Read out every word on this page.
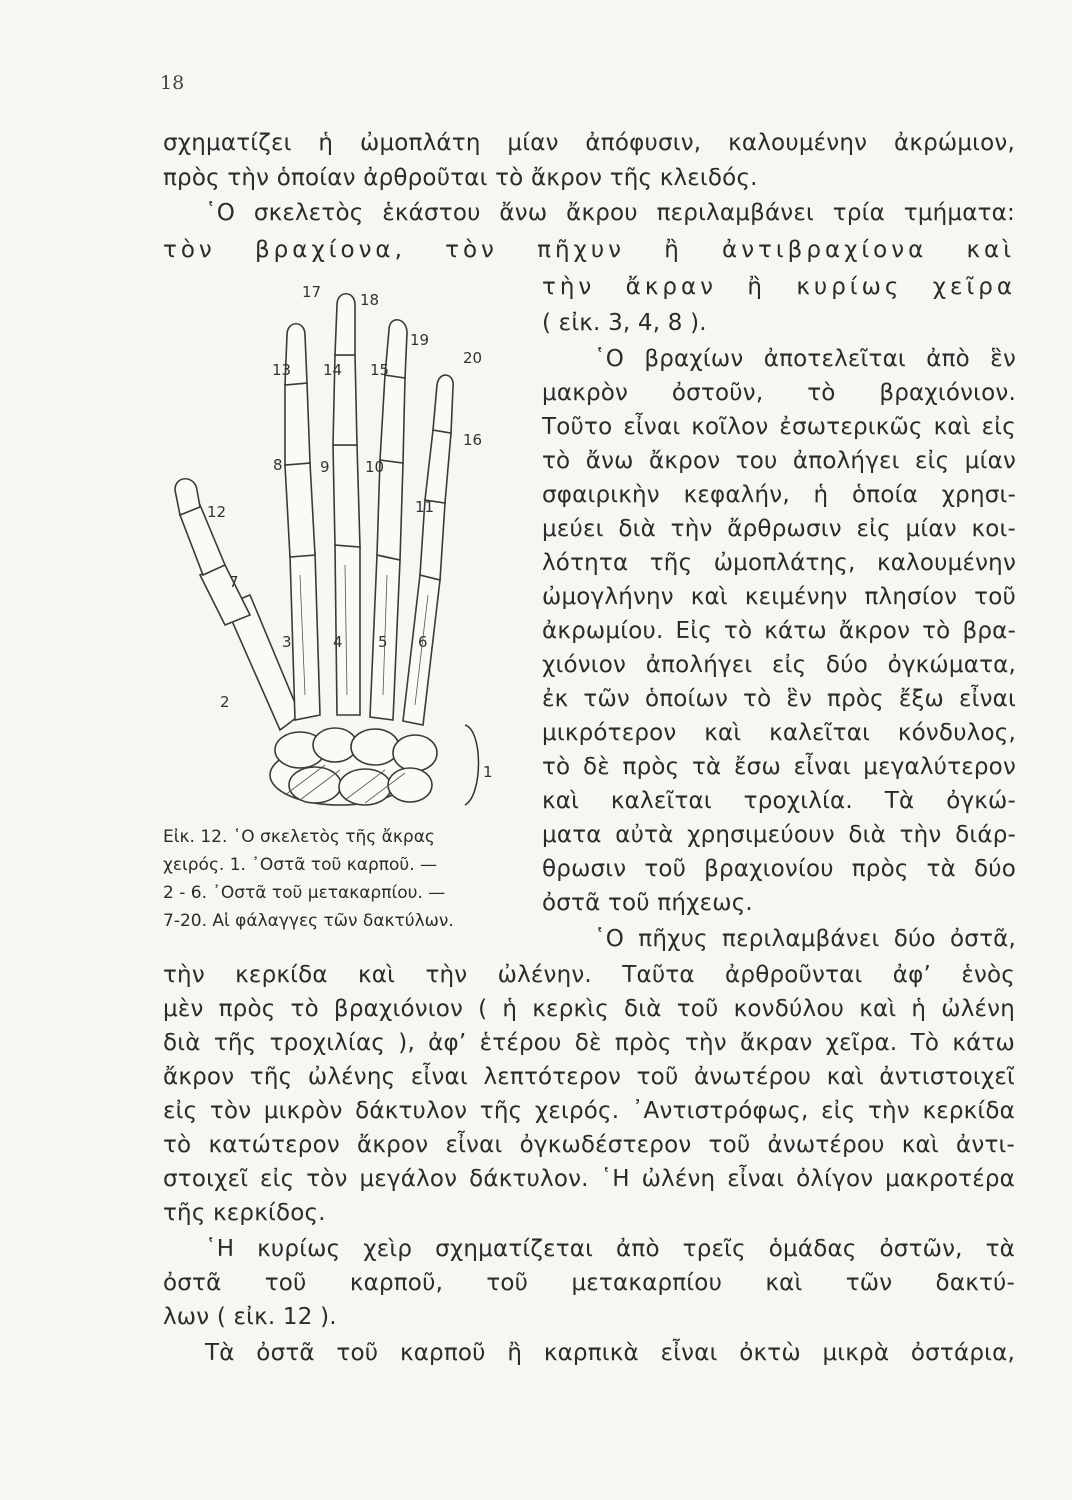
18
σχηματίζει ἡ ὠμοπλάτη μίαν ἀπόφυσιν, καλουμένην ἀκρώμιον,
πρὸς τὴν ὁποίαν ἀρθροῦται τὸ ἄκρον τῆς κλειδός.
῾Ο σκελετὸς ἑκάστου ἄνω ἄκρου περιλαμβάνει τρία τμήματα:
τὸν βραχίονα, τὸν πῆχυν ἢ ἀντιβραχίονα καὶ
17	18
19
20
13 14 15
16
8 9 10
11
12
7
3	4 5 6
2
1
τὴν ἄκραν ἢ κυρίως χεῖρα
( εἰκ. 3, 4, 8 ).
῾Ο βραχίων ἀποτελεῖται ἀπὸ ἓν
μακρὸν ὀστοῦν, τὸ βραχιόνιον.
Τοῦτο εἶναι κοῖλον ἐσωτερικῶς καὶ εἰς
τὸ ἄνω ἄκρον του ἀπολήγει εἰς μίαν
σφαιρικὴν κεφαλήν, ἡ ὁποία χρησι-
μεύει διὰ τὴν ἄρθρωσιν εἰς μίαν κοι-
λότητα τῆς ὠμοπλάτης, καλουμένην
ὠμογλήνην καὶ κειμένην πλησίον τοῦ
ἀκρωμίου. Εἰς τὸ κάτω ἄκρον τὸ βρα-
χιόνιον ἀπολήγει εἰς δύο ὀγκώματα,
ἐκ τῶν ὁποίων τὸ ἓν πρὸς ἔξω εἶναι
μικρότερον καὶ καλεῖται κόνδυλος,
τὸ δὲ πρὸς τὰ ἔσω εἶναι μεγαλύτερον
καὶ καλεῖται τροχιλία. Τὰ ὀγκώ-
ματα αὐτὰ χρησιμεύουν διὰ τὴν διάρ-
θρωσιν τοῦ βραχιονίου πρὸς τὰ δύο
ὀστᾶ τοῦ πήχεως.
῾Ο πῆχυς περιλαμβάνει δύο ὀστᾶ,
Εἰκ. 12. ῾Ο σκελετὸς τῆς ἄκρας
χειρός. 1. ᾿Οστᾶ τοῦ καρποῦ. —
2 - 6. ᾿Οστᾶ τοῦ μετακαρπίου. —
7-20. Αἱ φάλαγγες τῶν δακτύλων.
τὴν κερκίδα καὶ τὴν ὠλένην. Ταῦτα ἀρθροῦνται ἀφ’ ἑνὸς
μὲν πρὸς τὸ βραχιόνιον ( ἡ κερκὶς διὰ τοῦ κονδύλου καὶ ἡ ὠλένη
διὰ τῆς τροχιλίας ), ἀφ’ ἑτέρου δὲ πρὸς τὴν ἄκραν χεῖρα. Τὸ κάτω
ἄκρον τῆς ὠλένης εἶναι λεπτότερον τοῦ ἀνωτέρου καὶ ἀντιστοιχεῖ
εἰς τὸν μικρὸν δάκτυλον τῆς χειρός. ᾿Αντιστρόφως, εἰς τὴν κερκίδα
τὸ κατώτερον ἄκρον εἶναι ὀγκωδέστερον τοῦ ἀνωτέρου καὶ ἀντι-
στοιχεῖ εἰς τὸν μεγάλον δάκτυλον. ῾Η ὠλένη εἶναι ὀλίγον μακροτέρα
τῆς κερκίδος.
῾Η κυρίως χεὶρ σχηματίζεται ἀπὸ τρεῖς ὁμάδας ὀστῶν, τὰ
ὀστᾶ τοῦ καρποῦ, τοῦ μετακαρπίου καὶ τῶν δακτύ-
λων ( εἰκ. 12 ).
Τὰ ὀστᾶ τοῦ καρποῦ ἢ καρπικὰ εἶναι ὀκτὼ μικρὰ ὀστάρια,
